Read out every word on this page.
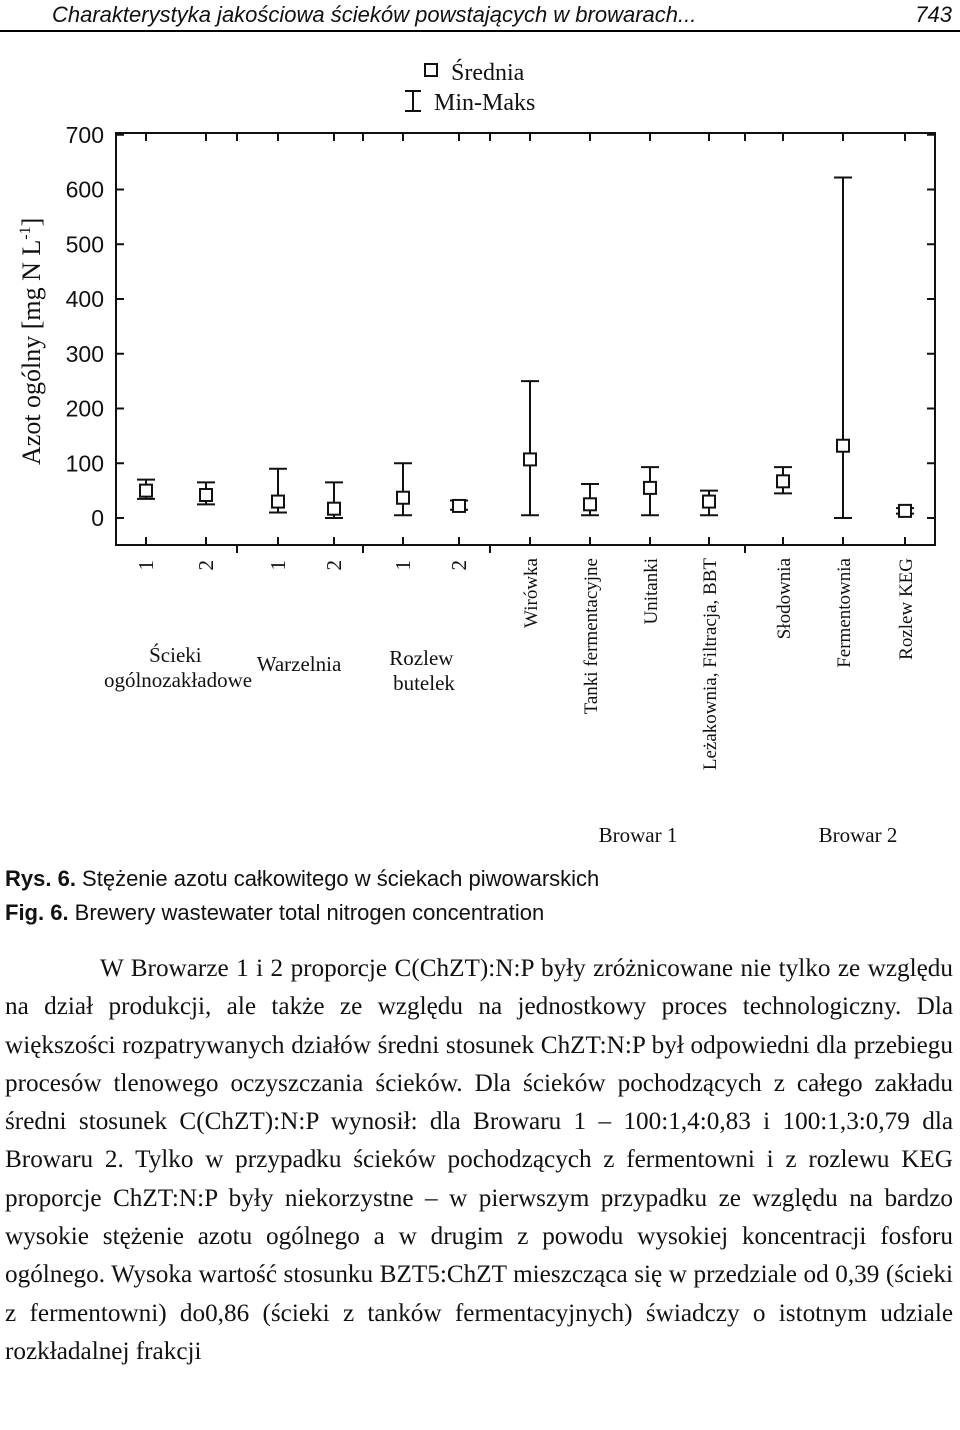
Charakterystyka jakościowa ścieków powstających w browarach...	743
Średnia
Min-Maks
Azot ogólny [mg N $L^{-1}$]
Ścieki ogólnozakładowe
Warzelnia Rozlew butelek
Browar 1	Browar 2
0
100
200
300
400
500
600
700
1 2 1 2 1 2	Wirówka Tanki fermentacyjne Unitanki Leżakownia, Filtracja, BBT	Słodownia Fermentownia Rozlew KEG
Rys. 6. Stężenie azotu całkowitego w ściekach piwowarskich
Fig. 6. Brewery wastewater total nitrogen concentration

W Browarze 1 i 2 proporcje C(ChZT):N:P były zróżnicowane nie tylko ze względu na dział produkcji, ale także ze względu na jednostkowy proces technologiczny. Dla większości rozpatrywanych działów średni stosunek ChZT:N:P był odpowiedni dla przebiegu procesów tlenowego oczyszczania ścieków. Dla ścieków pochodzących z całego zakładu średni stosunek C(ChZT):N:P wynosił: dla Browaru 1 – 100:1,4:0,83 i 100:1,3:0,79 dla Browaru 2. Tylko w przypadku ścieków pochodzących z fermentowni i z rozlewu KEG proporcje ChZT:N:P były niekorzystne – w pierwszym przypadku ze względu na bardzo wysokie stężenie azotu ogólnego a w drugim z powodu wysokiej koncentracji fosforu ogólnego. Wysoka wartość stosunku BZT5:ChZT mieszcząca się w przedziale od 0,39 (ścieki z fermentowni) do0,86 (ścieki z tanków fermentacyjnych) świadczy o istotnym udziale rozkładalnej frakcji
